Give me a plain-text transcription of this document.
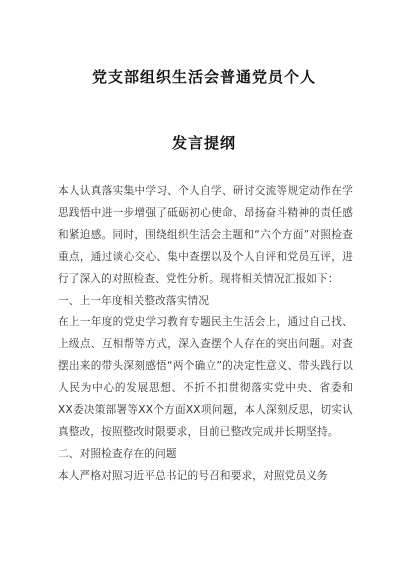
党支部组织生活会普通党员个人
发言提纲

本人认真落实集中学习、个人自学、研讨交流等规定动作在学思践悟中进一步增强了砥砺初心使命、昂扬奋斗精神的责任感和紧迫感。同时，围绕组织生活会主题和“六个方面”对照检查重点，通过谈心交心、集中查摆以及个人自评和党员互评，进行了深入的对照检查、党性分析。现将相关情况汇报如下：

一、上一年度相关整改落实情况

在上一年度的党史学习教育专题民主生活会上，通过自己找、上级点、互相帮等方式，深入查摆个人存在的突出问题。对查摆出来的带头深刻感悟“两个确立”的决定性意义、带头践行以人民为中心的发展思想、不折不扣贯彻落实党中央、省委和XX委决策部署等XX个方面XX项问题，本人深刻反思，切实认真整改，按照整改时限要求，目前已整改完成并长期坚持。

二、对照检查存在的问题

本人严格对照习近平总书记的号召和要求，对照党员义务
